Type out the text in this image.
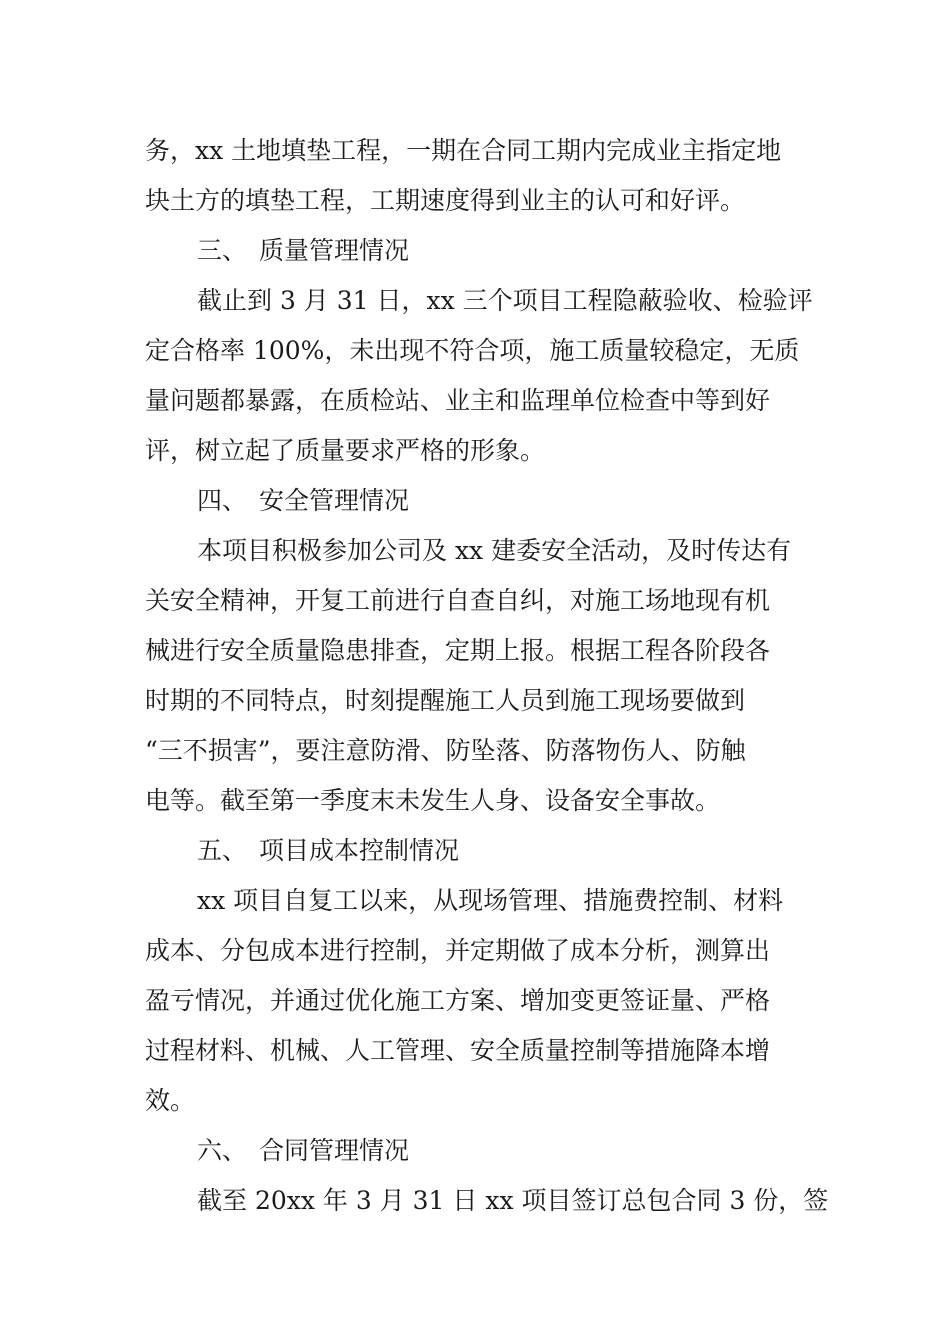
务，xx 土地填垫工程，一期在合同工期内完成业主指定地
块土方的填垫工程，工期速度得到业主的认可和好评。
三、 质量管理情况
截止到 3 月 31 日，xx 三个项目工程隐蔽验收、检验评
定合格率 100%，未出现不符合项，施工质量较稳定，无质
量问题都暴露，在质检站、业主和监理单位检查中等到好
评，树立起了质量要求严格的形象。
四、 安全管理情况
本项目积极参加公司及 xx 建委安全活动，及时传达有
关安全精神，开复工前进行自查自纠，对施工场地现有机
械进行安全质量隐患排查，定期上报。根据工程各阶段各
时期的不同特点，时刻提醒施工人员到施工现场要做到
“三不损害”，要注意防滑、防坠落、防落物伤人、防触
电等。截至第一季度末未发生人身、设备安全事故。
五、 项目成本控制情况
xx 项目自复工以来，从现场管理、措施费控制、材料
成本、分包成本进行控制，并定期做了成本分析，测算出
盈亏情况，并通过优化施工方案、增加变更签证量、严格
过程材料、机械、人工管理、安全质量控制等措施降本增
效。
六、 合同管理情况
截至 20xx 年 3 月 31 日 xx 项目签订总包合同 3 份，签
